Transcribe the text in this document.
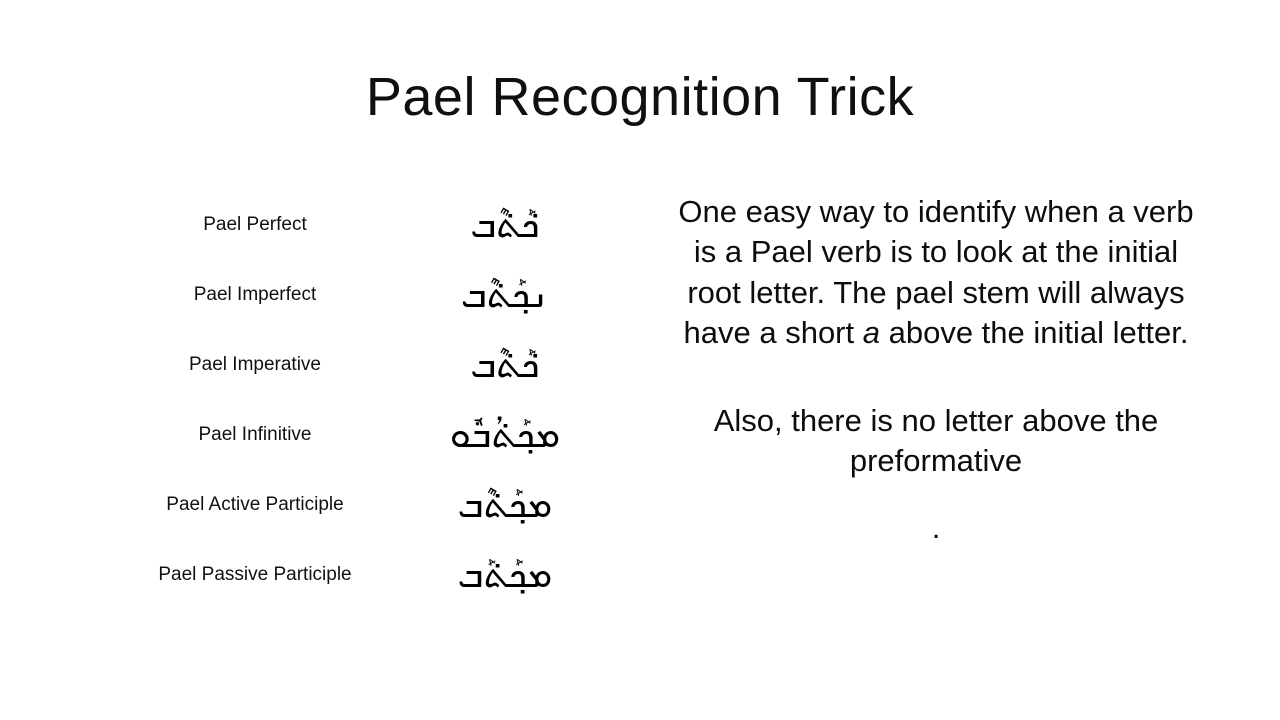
Pael Recognition Trick
Pael Perfect	ܟ݁ܰܬ݁ܶܒ
Pael Imperfect	ܢܟ݂ܰܬ݁ܶܒ
Pael Imperative	ܟ݁ܰܬ݁ܶܒ
Pael Infinitive	ܡܟ݂ܰܬ݁ܳܒܽܘ
Pael Active Participle	ܡܟ݂ܰܬ݁ܶܒ
Pael Passive Participle	ܡܟ݂ܰܬ݁ܰܒ
One easy way to identify when a verb is a Pael verb is to look at the initial root letter. The pael stem will always have a short a above the initial letter.
Also, there is no letter above the preformative
.
